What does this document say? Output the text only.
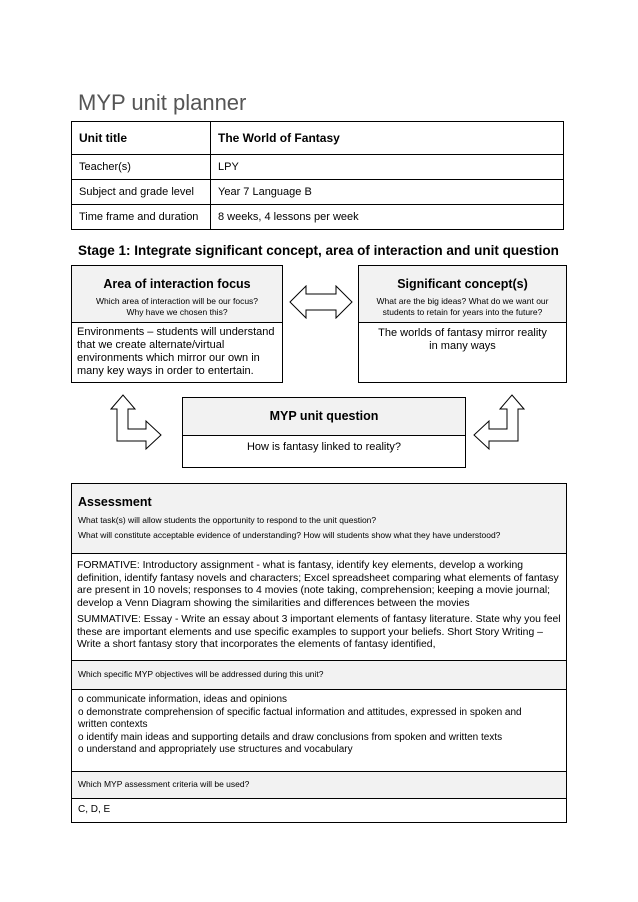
MYP unit planner
Unit title	The World of Fantasy
Teacher(s)	LPY
Subject and grade level	Year 7 Language B
Time frame and duration	8 weeks, 4 lessons per week
Stage 1: Integrate significant concept, area of interaction and unit question
Area of interaction focus
Which area of interaction will be our focus? Why have we chosen this?
Environments – students will understand that we create alternate/virtual environments which mirror our own in many key ways in order to entertain.
Significant concept(s)
What are the big ideas? What do we want our students to retain for years into the future?
The worlds of fantasy mirror reality in many ways
MYP unit question
How is fantasy linked to reality?
Assessment
What task(s) will allow students the opportunity to respond to the unit question?
What will constitute acceptable evidence of understanding? How will students show what they have understood?
FORMATIVE: Introductory assignment - what is fantasy, identify key elements, develop a working definition, identify fantasy novels and characters; Excel spreadsheet comparing what elements of fantasy are present in 10 novels; responses to 4 movies (note taking, comprehension; keeping a movie journal; develop a Venn Diagram showing the similarities and differences between the movies
SUMMATIVE: Essay - Write an essay about 3 important elements of fantasy literature. State why you feel these are important elements and use specific examples to support your beliefs. Short Story Writing – Write a short fantasy story that incorporates the elements of fantasy identified,
Which specific MYP objectives will be addressed during this unit?
o communicate information, ideas and opinions
o demonstrate comprehension of specific factual information and attitudes, expressed in spoken and
written contexts
o identify main ideas and supporting details and draw conclusions from spoken and written texts
o understand and appropriately use structures and vocabulary
Which MYP assessment criteria will be used?
C, D, E
